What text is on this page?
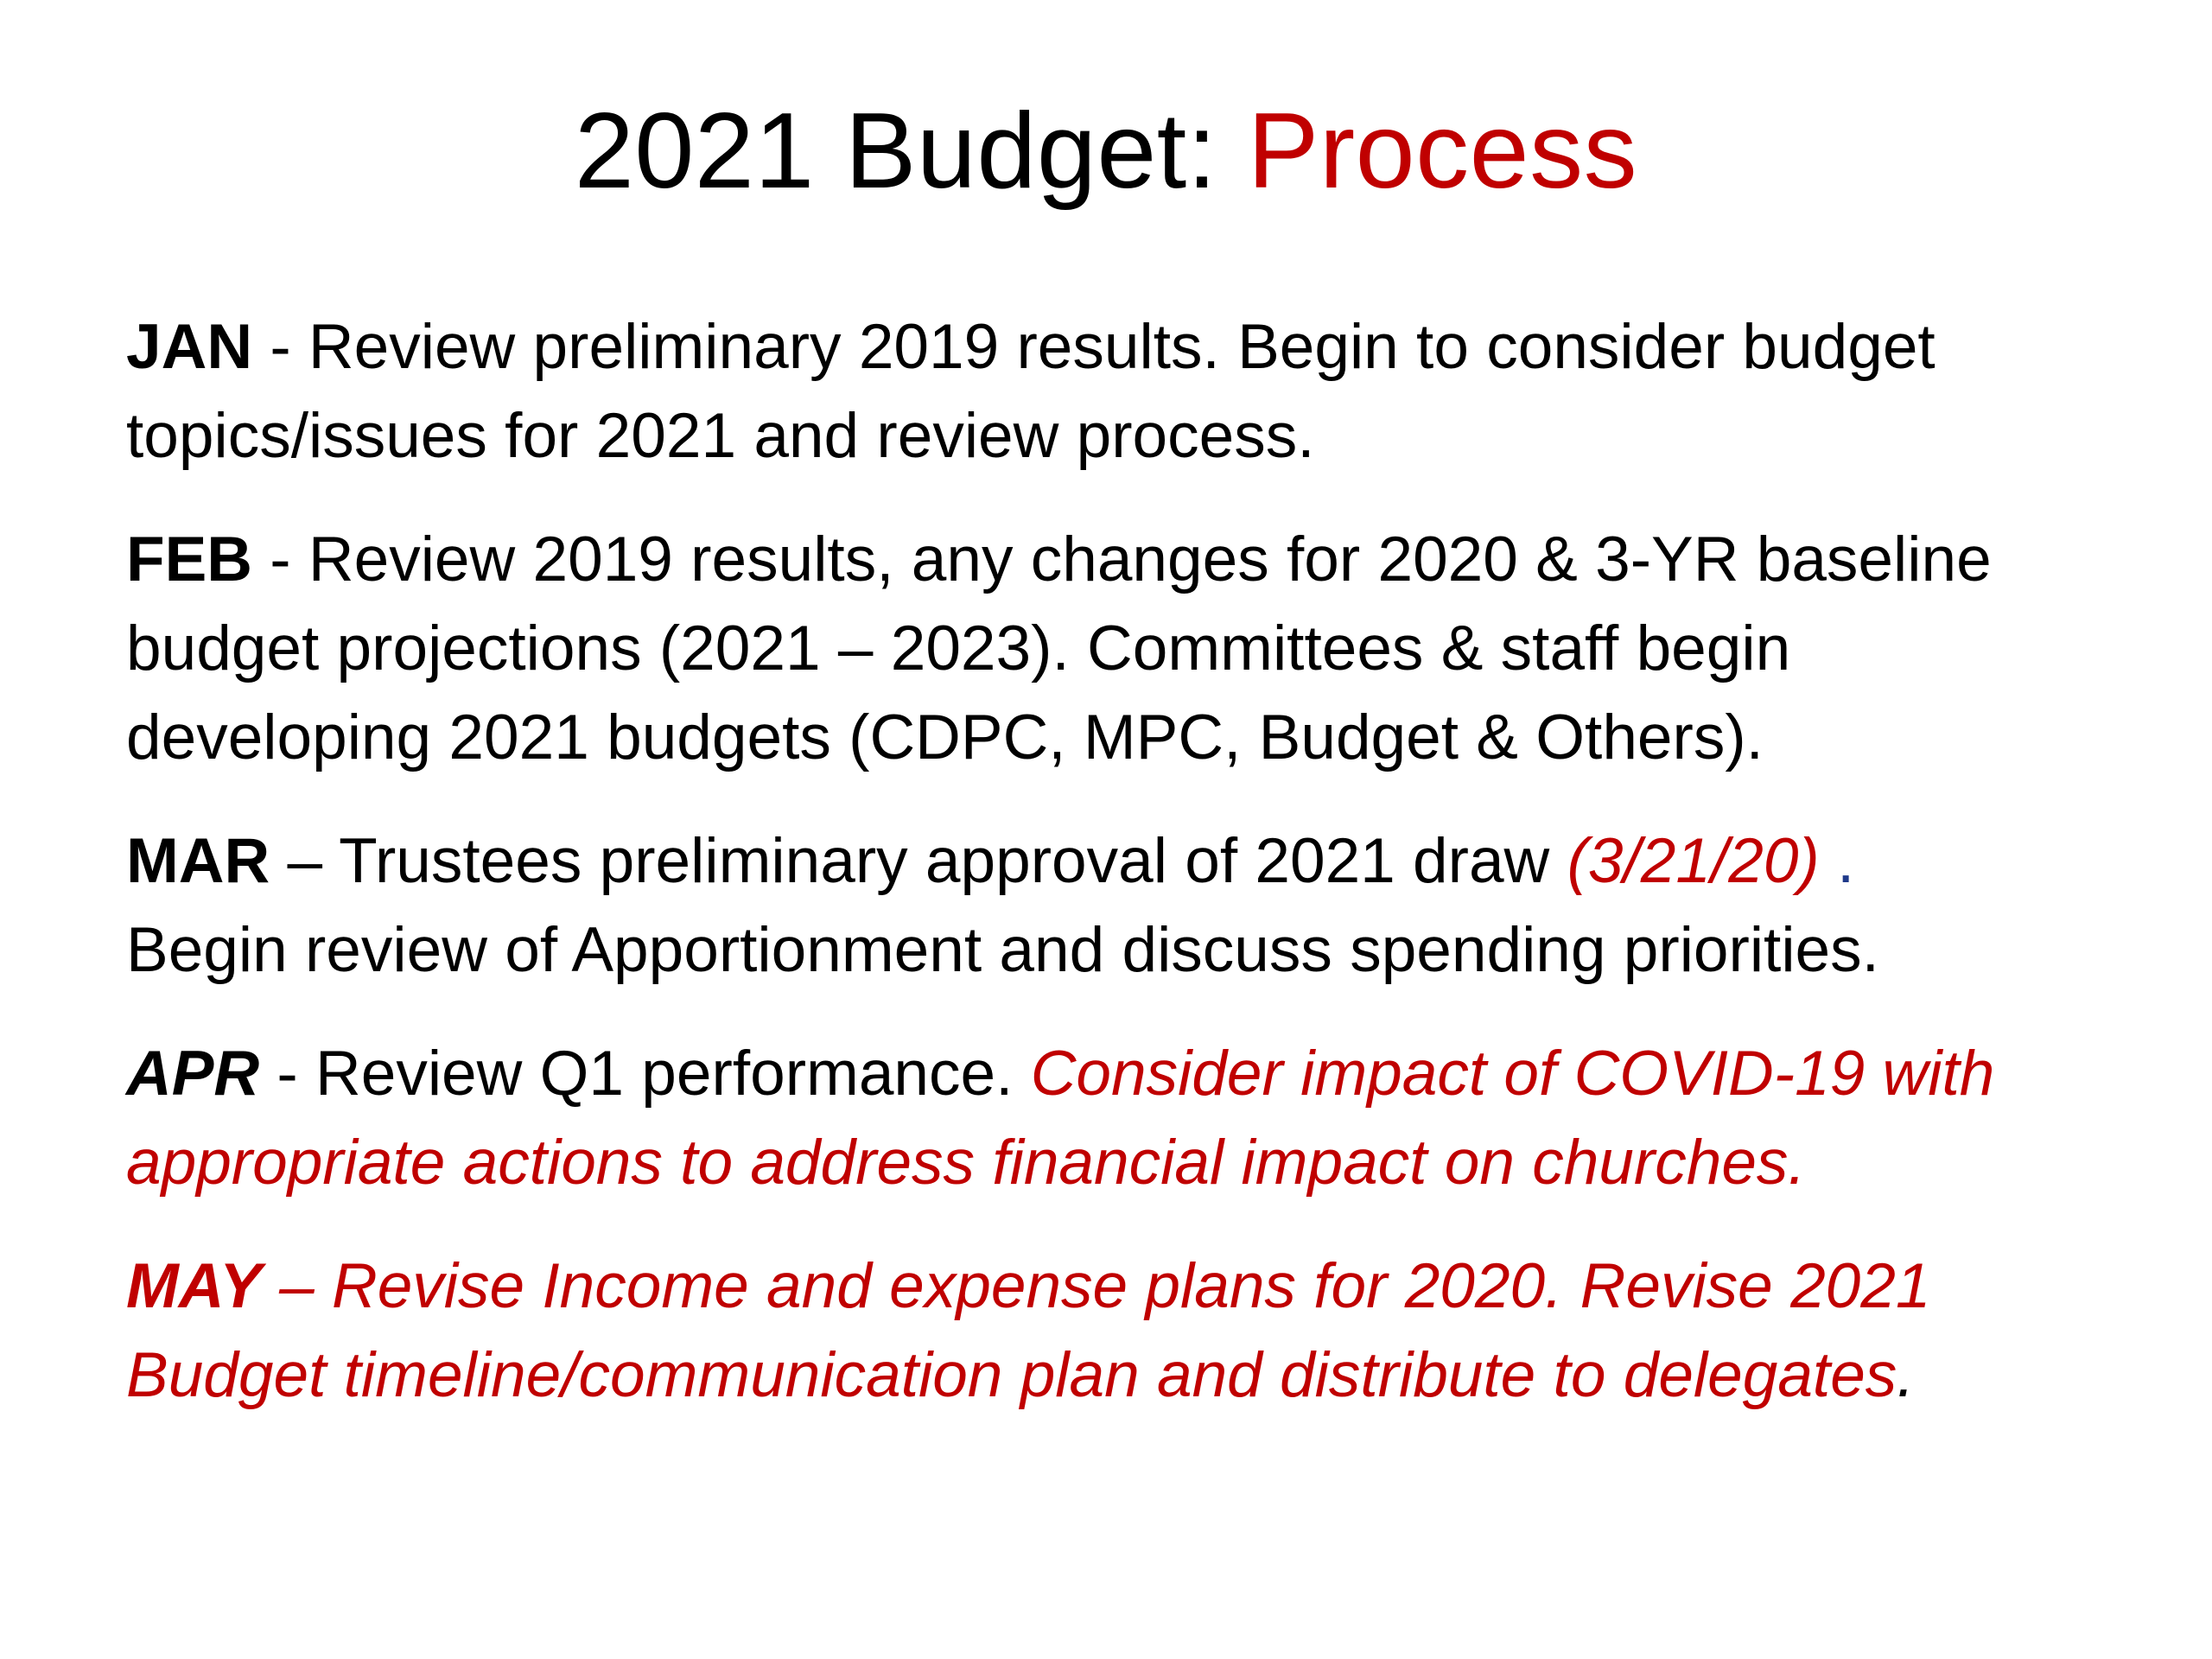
2021 Budget: Process
JAN - Review preliminary 2019 results. Begin to consider budget
topics/issues for 2021 and review process.
FEB - Review 2019 results, any changes for 2020 & 3-YR baseline
budget projections (2021 – 2023). Committees & staff begin
developing 2021 budgets (CDPC, MPC, Budget & Others).
MAR – Trustees preliminary approval of 2021 draw (3/21/20) .
Begin review of Apportionment and discuss spending priorities.
APR - Review Q1 performance. Consider impact of COVID-19 with
appropriate actions to address financial impact on churches.
MAY – Revise Income and expense plans for 2020. Revise 2021
Budget timeline/communication plan and distribute to delegates.
